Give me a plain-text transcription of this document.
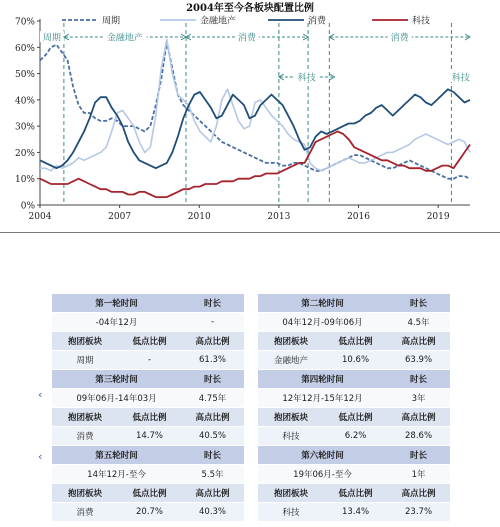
2004年至今各板块配置比例
0%
10%
20%
30%
40%
50%
60%
70%
2004	2007	2010	2013	2016	2019
周期	金融地产	消费	消费
科技	科技
周期	金融地产	消费	科技
‹
‹
第一轮时间		时长		第二轮时间		时长
-04年12月		-		04年12月-09年06月		4.5年
抱团板块	低点比例	高点比例		抱团板块	低点比例	高点比例
周期	-	61.3%		金融地产	10.6%	63.9%
第三轮时间		时长		第四轮时间		时长
09年06月-14年03月		4.75年		12年12月-15年12月		3年
抱团板块	低点比例	高点比例		抱团板块	低点比例	高点比例
消费	14.7%	40.5%		科技	6.2%	28.6%
第五轮时间		时长		第六轮时间		时长
14年12月-至今		5.5年		19年06月-至今		1年
抱团板块	低点比例	高点比例		抱团板块	低点比例	高点比例
消费	20.7%	40.3%		科技	13.4%	23.7%
